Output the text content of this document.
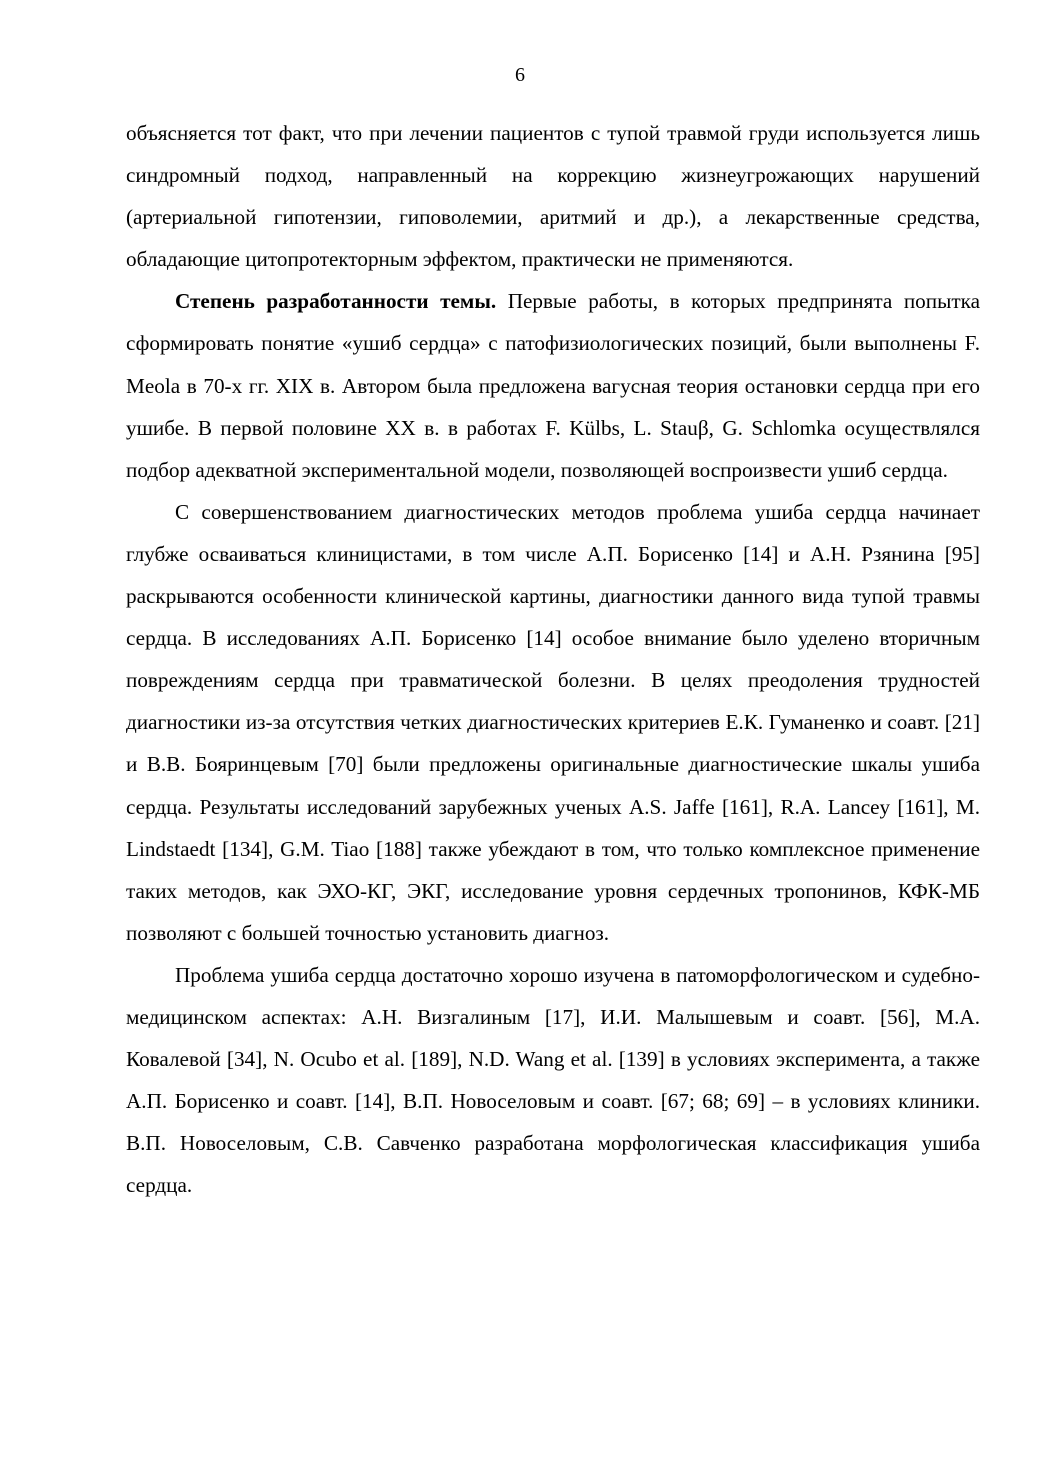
6

объясняется тот факт, что при лечении пациентов с тупой травмой груди используется лишь синдромный подход, направленный на коррекцию жизнеугрожающих нарушений (артериальной гипотензии, гиповолемии, аритмий и др.), а лекарственные средства, обладающие цитопротекторным эффектом, практически не применяются.

Степень разработанности темы. Первые работы, в которых предпринята попытка сформировать понятие «ушиб сердца» с патофизиологических позиций, были выполнены F. Meola в 70-х гг. XIX в. Автором была предложена вагусная теория остановки сердца при его ушибе. В первой половине XX в. в работах F. Külbs, L. Stauβ, G. Schlomka осуществлялся подбор адекватной экспериментальной модели, позволяющей воспроизвести ушиб сердца.

С совершенствованием диагностических методов проблема ушиба сердца начинает глубже осваиваться клиницистами, в том числе А.П. Борисенко [14] и А.Н. Рзянина [95] раскрываются особенности клинической картины, диагностики данного вида тупой травмы сердца. В исследованиях А.П. Борисенко [14] особое внимание было уделено вторичным повреждениям сердца при травматической болезни. В целях преодоления трудностей диагностики из-за отсутствия четких диагностических критериев Е.К. Гуманенко и соавт. [21] и В.В. Бояринцевым [70] были предложены оригинальные диагностические шкалы ушиба сердца. Результаты исследований зарубежных ученых A.S. Jaffe [161], R.A. Lancey [161], M. Lindstaedt [134], G.M. Tiao [188] также убеждают в том, что только комплексное применение таких методов, как ЭХО-КГ, ЭКГ, исследование уровня сердечных тропонинов, КФК-МБ позволяют с большей точностью установить диагноз.

Проблема ушиба сердца достаточно хорошо изучена в патоморфологическом и судебно-медицинском аспектах: А.Н. Визгалиным [17], И.И. Малышевым и соавт. [56], М.А. Ковалевой [34], N. Ocubo et al. [189], N.D. Wang et al. [139] в условиях эксперимента, а также А.П. Борисенко и соавт. [14], В.П. Новоселовым и соавт. [67; 68; 69] – в условиях клиники. В.П. Новоселовым, С.В. Савченко разработана морфологическая классификация ушиба сердца.
